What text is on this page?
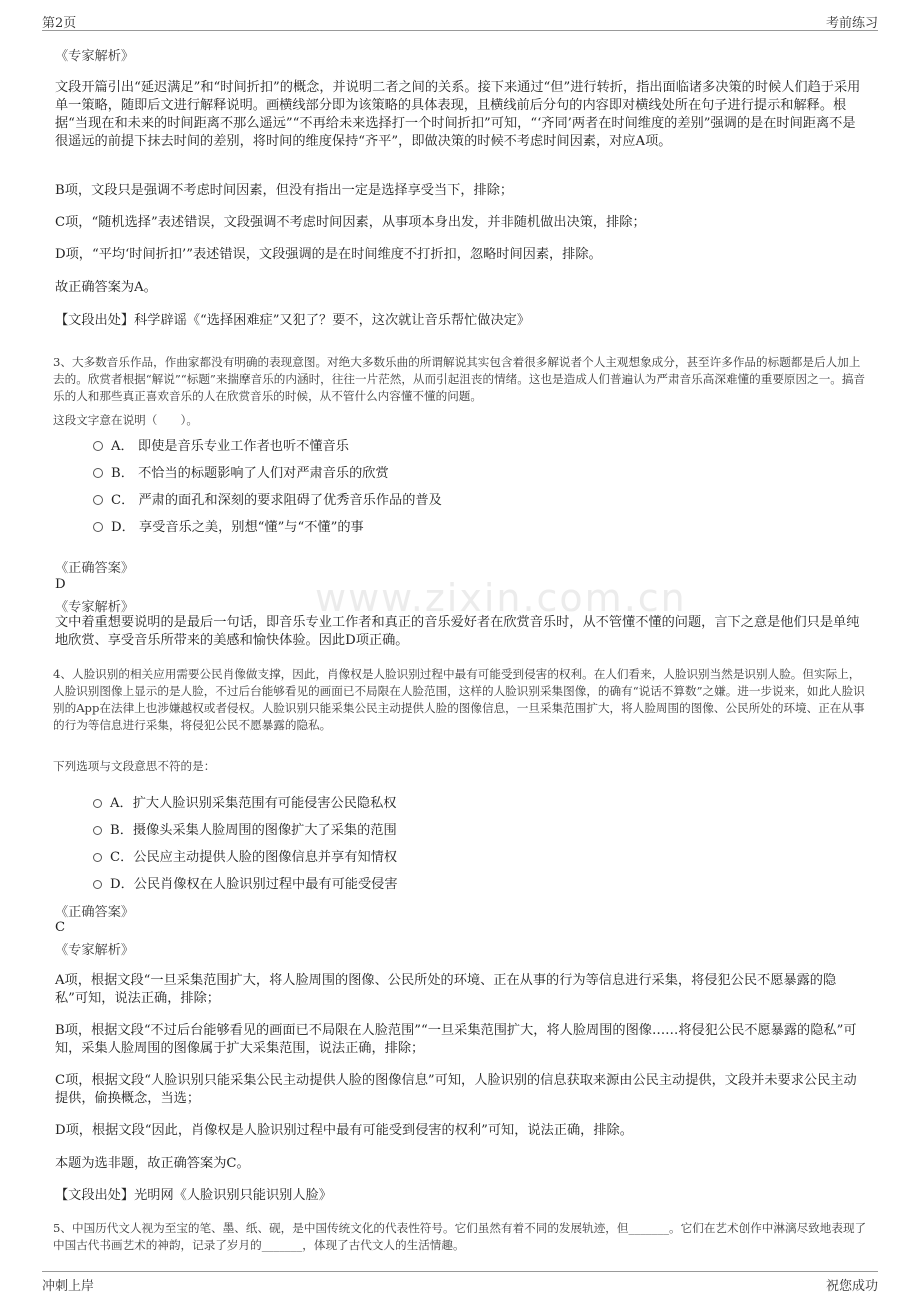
第2页	考前练习
www.zixin.com.cn
《专家解析》
文段开篇引出“延迟满足”和“时间折扣”的概念，并说明二者之间的关系。接下来通过“但”进行转折，指出面临诸多决策的时候人们趋于采用单一策略，随即后文进行解释说明。画横线部分即为该策略的具体表现，且横线前后分句的内容即对横线处所在句子进行提示和解释。根据“当现在和未来的时间距离不那么遥远”“不再给未来选择打一个时间折扣”可知，“‘齐同’两者在时间维度的差别”强调的是在时间距离不是很遥远的前提下抹去时间的差别，将时间的维度保持“齐平”，即做决策的时候不考虑时间因素，对应A项。
B项，文段只是强调不考虑时间因素，但没有指出一定是选择享受当下，排除；
C项，“随机选择”表述错误，文段强调不考虑时间因素，从事项本身出发，并非随机做出决策，排除；
D项，“平均‘时间折扣’”表述错误，文段强调的是在时间维度不打折扣，忽略时间因素，排除。
故正确答案为A。
【文段出处】科学辟谣《“选择困难症”又犯了？要不，这次就让音乐帮忙做决定》
3、大多数音乐作品，作曲家都没有明确的表现意图。对绝大多数乐曲的所谓解说其实包含着很多解说者个人主观想象成分，甚至许多作品的标题都是后人加上去的。欣赏者根据“解说”“标题”来揣摩音乐的内涵时，往往一片茫然，从而引起沮丧的情绪。这也是造成人们普遍认为严肃音乐高深难懂的重要原因之一。搞音乐的人和那些真正喜欢音乐的人在欣赏音乐的时候，从不管什么内容懂不懂的问题。
这段文字意在说明（　　）。
A． 即使是音乐专业工作者也听不懂音乐
B． 不恰当的标题影响了人们对严肃音乐的欣赏
C． 严肃的面孔和深刻的要求阻碍了优秀音乐作品的普及
D． 享受音乐之美，别想“懂”与“不懂”的事
《正确答案》
D
《专家解析》
文中着重想要说明的是最后一句话，即音乐专业工作者和真正的音乐爱好者在欣赏音乐时，从不管懂不懂的问题，言下之意是他们只是单纯地欣赏、享受音乐所带来的美感和愉快体验。因此D项正确。
4、人脸识别的相关应用需要公民肖像做支撑，因此，肖像权是人脸识别过程中最有可能受到侵害的权利。在人们看来，人脸识别当然是识别人脸。但实际上，人脸识别图像上显示的是人脸，不过后台能够看见的画面已不局限在人脸范围，这样的人脸识别采集图像，的确有“说话不算数”之嫌。进一步说来，如此人脸识别的App在法律上也涉嫌越权或者侵权。人脸识别只能采集公民主动提供人脸的图像信息，一旦采集范围扩大，将人脸周围的图像、公民所处的环境、正在从事的行为等信息进行采集，将侵犯公民不愿暴露的隐私。
下列选项与文段意思不符的是：
A．扩大人脸识别采集范围有可能侵害公民隐私权
B．摄像头采集人脸周围的图像扩大了采集的范围
C．公民应主动提供人脸的图像信息并享有知情权
D．公民肖像权在人脸识别过程中最有可能受侵害
《正确答案》
C
《专家解析》
A项，根据文段“一旦采集范围扩大，将人脸周围的图像、公民所处的环境、正在从事的行为等信息进行采集，将侵犯公民不愿暴露的隐私”可知，说法正确，排除；
B项，根据文段“不过后台能够看见的画面已不局限在人脸范围”“一旦采集范围扩大，将人脸周围的图像……将侵犯公民不愿暴露的隐私”可知，采集人脸周围的图像属于扩大采集范围，说法正确，排除；
C项，根据文段“人脸识别只能采集公民主动提供人脸的图像信息”可知，人脸识别的信息获取来源由公民主动提供，文段并未要求公民主动提供，偷换概念，当选；
D项，根据文段“因此，肖像权是人脸识别过程中最有可能受到侵害的权利”可知，说法正确，排除。
本题为选非题，故正确答案为C。
【文段出处】光明网《人脸识别只能识别人脸》
5、中国历代文人视为至宝的笔、墨、纸、砚，是中国传统文化的代表性符号。它们虽然有着不同的发展轨迹，但_______。它们在艺术创作中淋漓尽致地表现了中国古代书画艺术的神韵，记录了岁月的_______，体现了古代文人的生活情趣。
冲刺上岸	祝您成功
